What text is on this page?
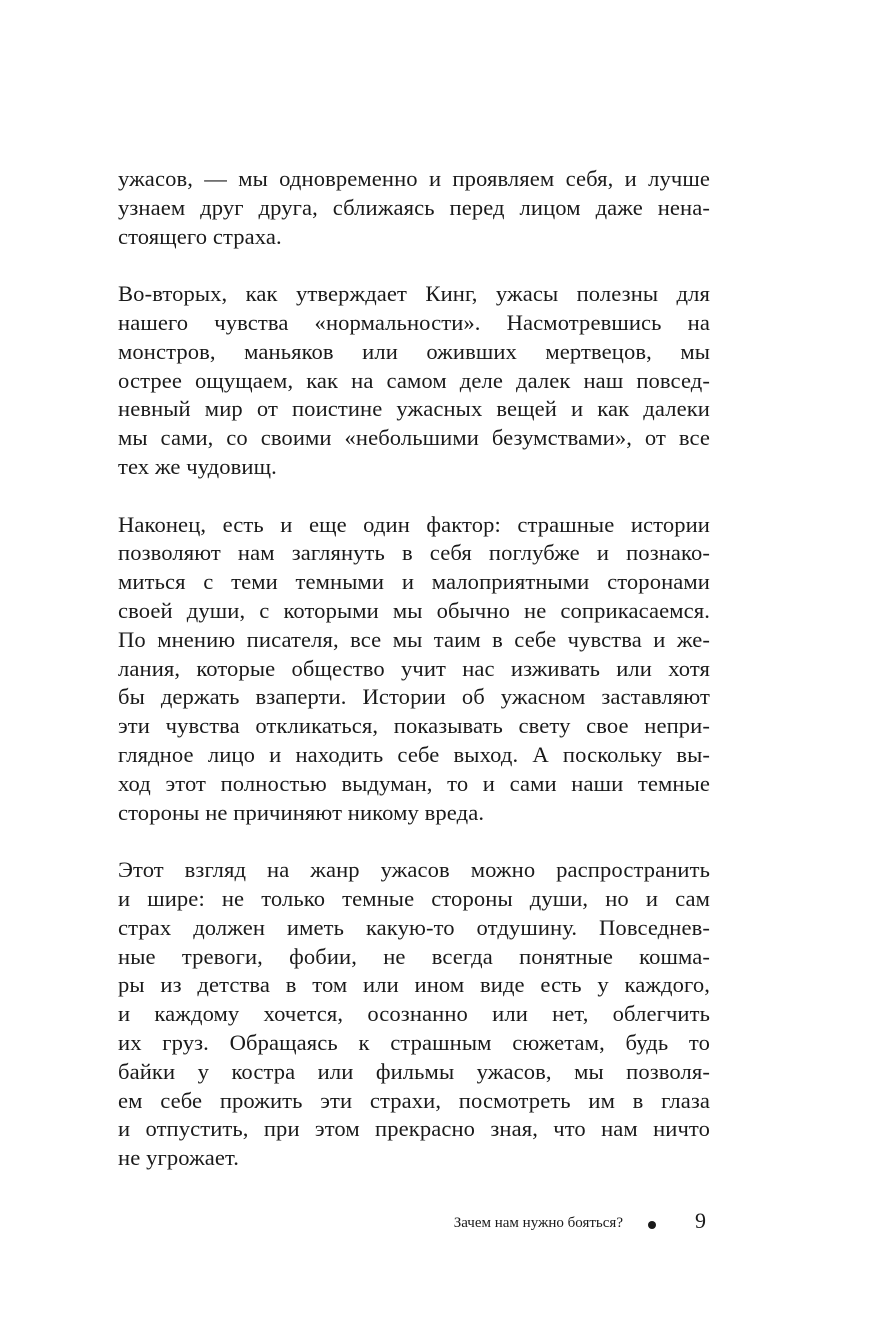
ужасов, — мы одновременно и проявляем себя, и лучше
узнаем друг друга, сближаясь перед лицом даже нена-
стоящего страха.

Во-вторых, как утверждает Кинг, ужасы полезны для
нашего чувства «нормальности». Насмотревшись на
монстров, маньяков или оживших мертвецов, мы
острее ощущаем, как на самом деле далек наш повсед-
невный мир от поистине ужасных вещей и как далеки
мы сами, со своими «небольшими безумствами», от все
тех же чудовищ.

Наконец, есть и еще один фактор: страшные истории
позволяют нам заглянуть в себя поглубже и познако-
миться с теми темными и малоприятными сторонами
своей души, с которыми мы обычно не соприкасаемся.
По мнению писателя, все мы таим в себе чувства и же-
лания, которые общество учит нас изживать или хотя
бы держать взаперти. Истории об ужасном заставляют
эти чувства откликаться, показывать свету свое непри-
глядное лицо и находить себе выход. А поскольку вы-
ход этот полностью выдуман, то и сами наши темные
стороны не причиняют никому вреда.

Этот взгляд на жанр ужасов можно распространить
и шире: не только темные стороны души, но и сам
страх должен иметь какую-то отдушину. Повседнев-
ные тревоги, фобии, не всегда понятные кошма-
ры из детства в том или ином виде есть у каждого,
и каждому хочется, осознанно или нет, облегчить
их груз. Обращаясь к страшным сюжетам, будь то
байки у костра или фильмы ужасов, мы позволя-
ем себе прожить эти страхи, посмотреть им в глаза
и отпустить, при этом прекрасно зная, что нам ничто
не угрожает.

Зачем нам нужно бояться?	9
